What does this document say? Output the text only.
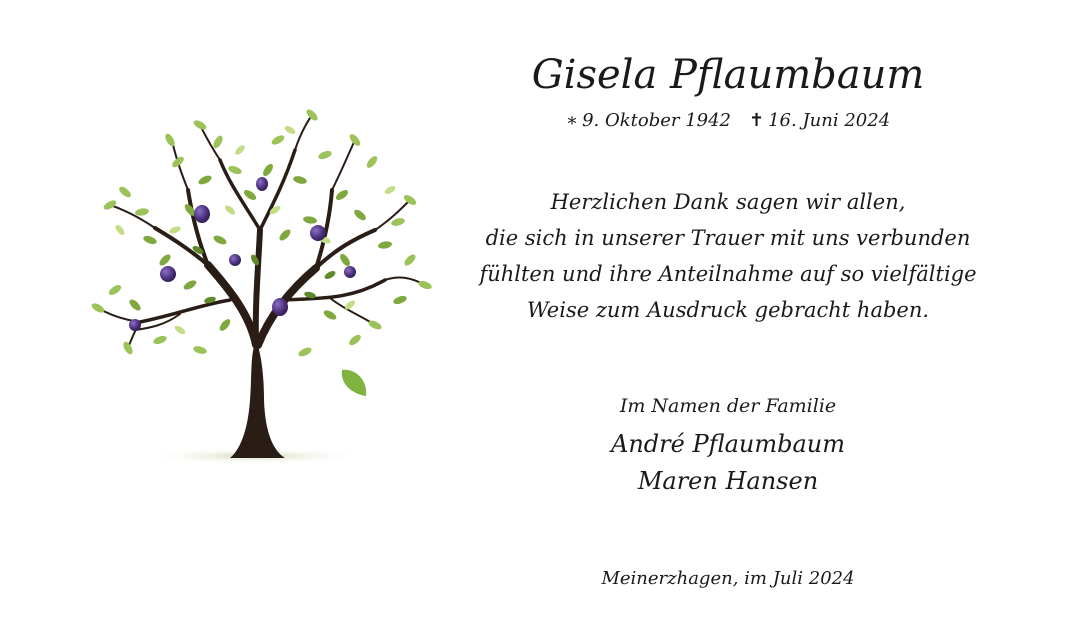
Gisela Pflaumbaum
∗ 9. Oktober 1942 ✝ 16. Juni 2024
Herzlichen Dank sagen wir allen,
die sich in unserer Trauer mit uns verbunden
fühlten und ihre Anteilnahme auf so vielfältige
Weise zum Ausdruck gebracht haben.
Im Namen der Familie
André Pflaumbaum
Maren Hansen
Meinerzhagen, im Juli 2024
